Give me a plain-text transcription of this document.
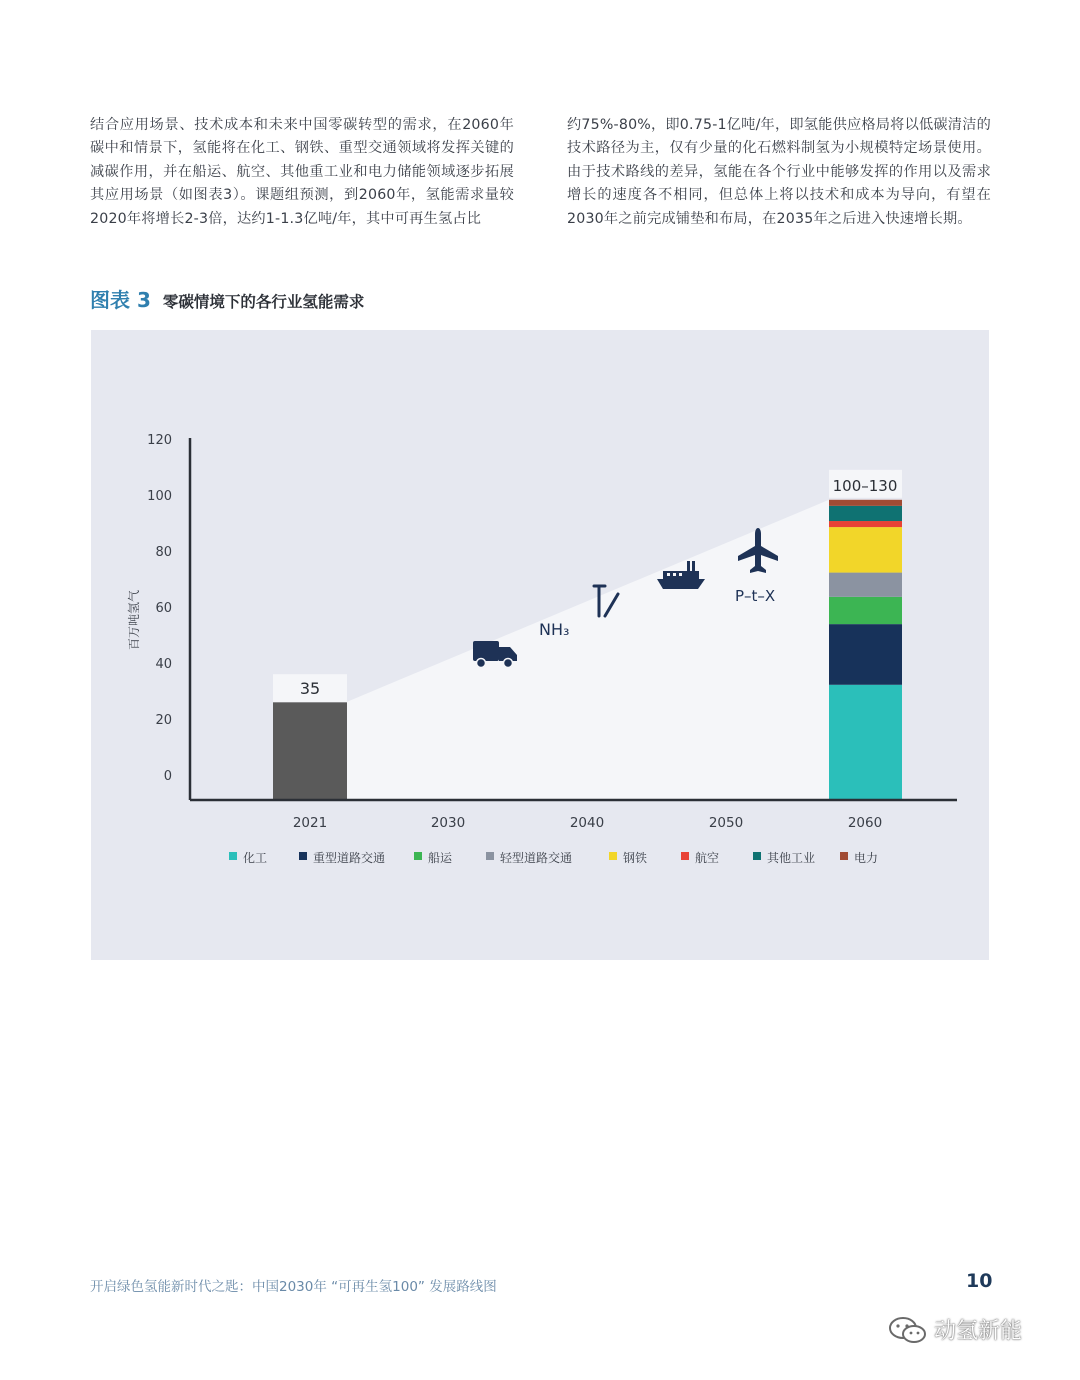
结合应用场景、技术成本和未来中国零碳转型的需求，在2060年碳中和情景下，氢能将在化工、钢铁、重型交通领域将发挥关键的减碳作用，并在船运、航空、其他重工业和电力储能领域逐步拓展其应用场景（如图表3）。课题组预测，到2060年，氢能需求量较2020年将增长2-3倍，达约1-1.3亿吨/年，其中可再生氢占比
约75%-80%，即0.75-1亿吨/年，即氢能供应格局将以低碳清洁的技术路径为主，仅有少量的化石燃料制氢为小规模特定场景使用。由于技术路线的差异，氢能在各个行业中能够发挥的作用以及需求增长的速度各不相同，但总体上将以技术和成本为导向，有望在2030年之前完成铺垫和布局，在2035年之后进入快速增长期。
图表 3 零碳情境下的各行业氢能需求
120
100
80
60
40
20
0
百万吨氢气
35
100–130
2021	2030	2040	2050	2060
NH₃
P–t–X
化工	重型道路交通	船运	轻型道路交通	钢铁	航空	其他工业	电力
开启绿色氢能新时代之匙：中国2030年 “可再生氢100” 发展路线图	10
动氢新能
